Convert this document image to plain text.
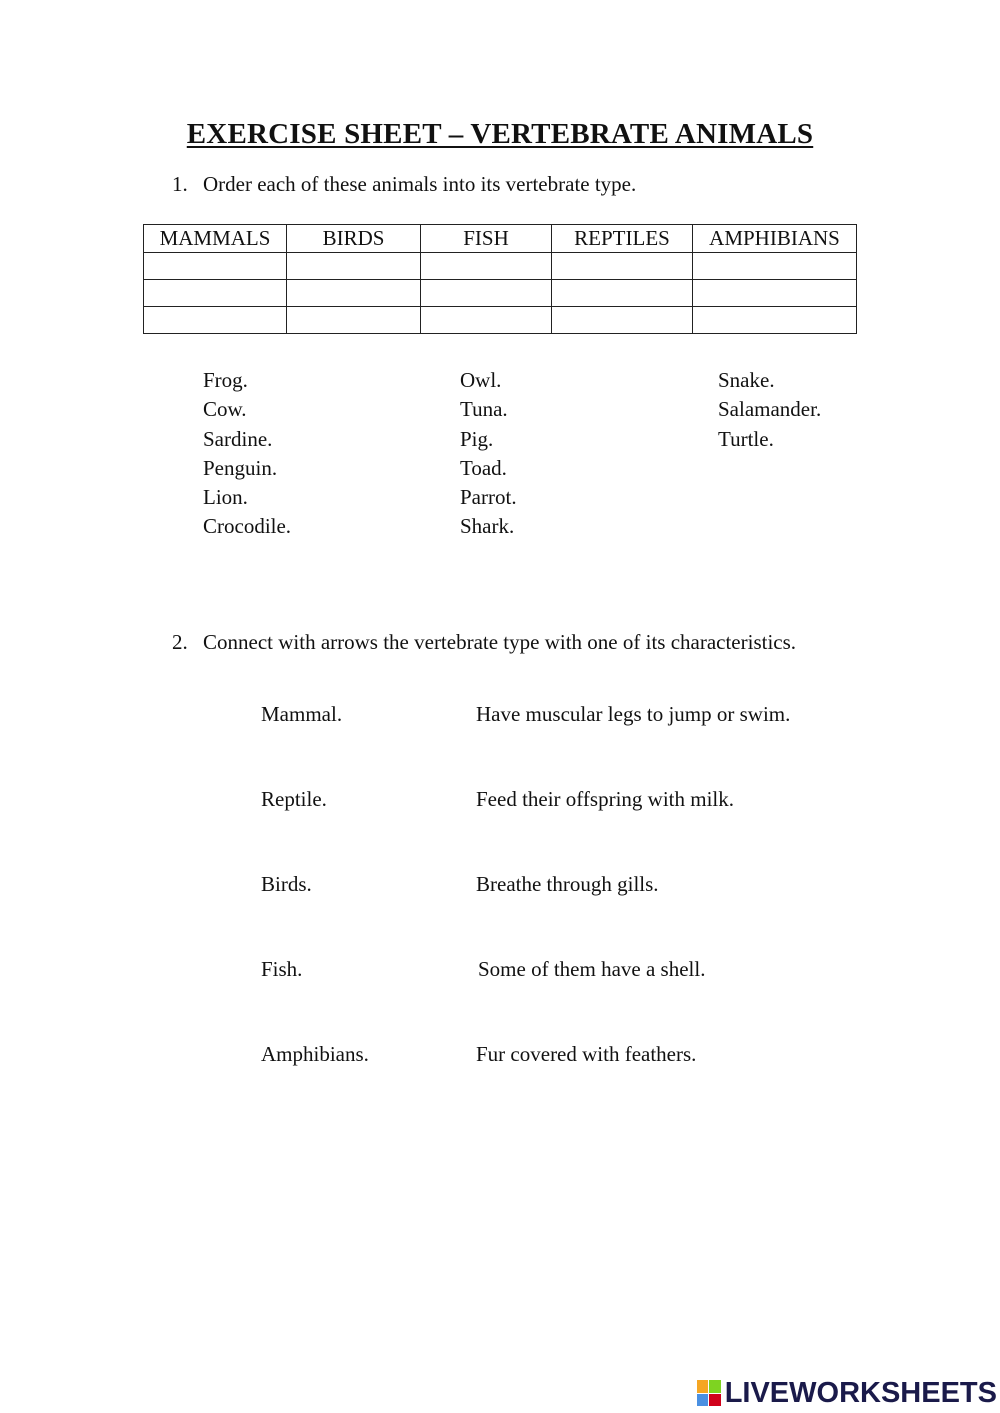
EXERCISE SHEET – VERTEBRATE ANIMALS
1. Order each of these animals into its vertebrate type.
MAMMALS	BIRDS	FISH	REPTILES	AMPHIBIANS

Frog.
Cow.
Sardine.
Penguin.
Lion.
Crocodile.
Owl.
Tuna.
Pig.
Toad.
Parrot.
Shark.
Snake.
Salamander.
Turtle.
2. Connect with arrows the vertebrate type with one of its characteristics.
Mammal.	Have muscular legs to jump or swim.
Reptile.	Feed their offspring with milk.
Birds.	Breathe through gills.
Fish.	Some of them have a shell.
Amphibians.	Fur covered with feathers.
LIVEWORKSHEETS
